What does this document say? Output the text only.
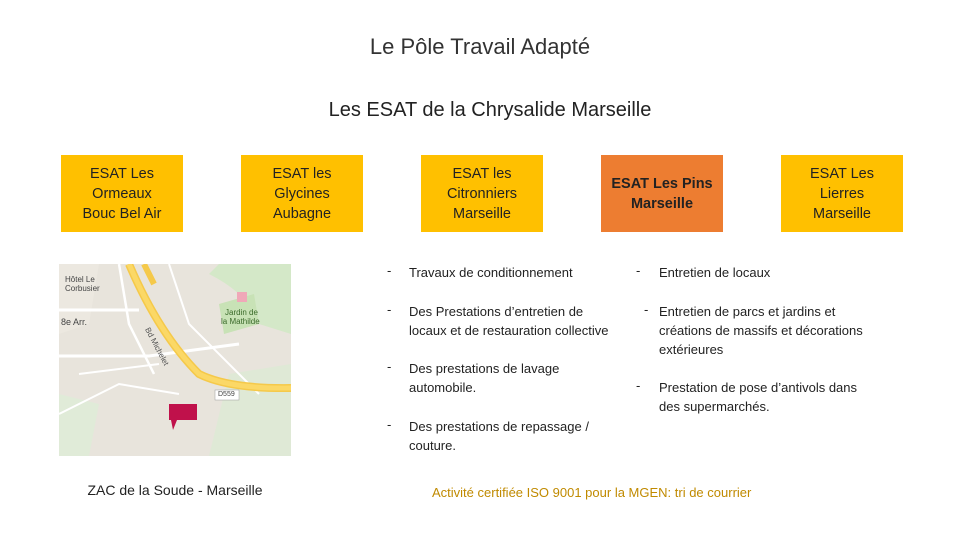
Le Pôle Travail Adapté
Les ESAT de la Chrysalide Marseille
ESAT Les
Ormeaux
Bouc Bel Air
ESAT les
Glycines
Aubagne
ESAT les
Citronniers
Marseille
ESAT Les Pins
Marseille
ESAT Les
Lierres
Marseille
Hôtel Le
Corbusier
8e Arr.
Bd Michelet
Jardin de
la Mathilde
D559
ZAC de la Soude - Marseille
- Travaux de conditionnement
- Des Prestations d’entretien de
locaux et de restauration collective
- Des prestations de lavage
automobile.
- Des prestations de repassage /
couture.
- Entretien de locaux
- Entretien de parcs et jardins et
créations de massifs et décorations
extérieures
- Prestation de pose d’antivols dans
des supermarchés.
Activité certifiée ISO 9001 pour la MGEN: tri de courrier
